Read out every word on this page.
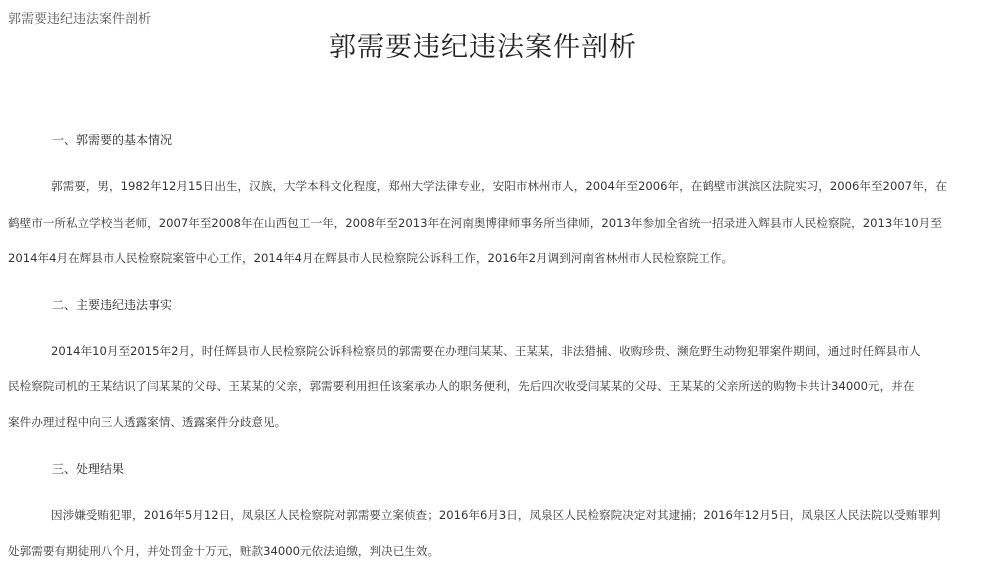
郭需要违纪违法案件剖析
郭需要违纪违法案件剖析
一、郭需要的基本情况
郭需要，男，1982年12月15日出生，汉族，大学本科文化程度，郑州大学法律专业，安阳市林州市人，2004年至2006年，在鹤壁市淇滨区法院实习，2006年至2007年，在
鹤壁市一所私立学校当老师，2007年至2008年在山西包工一年，2008年至2013年在河南奥博律师事务所当律师，2013年参加全省统一招录进入辉县市人民检察院，2013年10月至
2014年4月在辉县市人民检察院案管中心工作，2014年4月在辉县市人民检察院公诉科工作，2016年2月调到河南省林州市人民检察院工作。
二、主要违纪违法事实
2014年10月至2015年2月，时任辉县市人民检察院公诉科检察员的郭需要在办理闫某某、王某某，非法猎捕、收购珍贵、濒危野生动物犯罪案件期间，通过时任辉县市人
民检察院司机的王某结识了闫某某的父母、王某某的父亲，郭需要利用担任该案承办人的职务便利，先后四次收受闫某某的父母、王某某的父亲所送的购物卡共计34000元，并在
案件办理过程中向三人透露案情、透露案件分歧意见。
三、处理结果
因涉嫌受贿犯罪，2016年5月12日，凤泉区人民检察院对郭需要立案侦查；2016年6月3日，凤泉区人民检察院决定对其逮捕；2016年12月5日，凤泉区人民法院以受贿罪判
处郭需要有期徒刑八个月，并处罚金十万元，赃款34000元依法追缴，判决已生效。
